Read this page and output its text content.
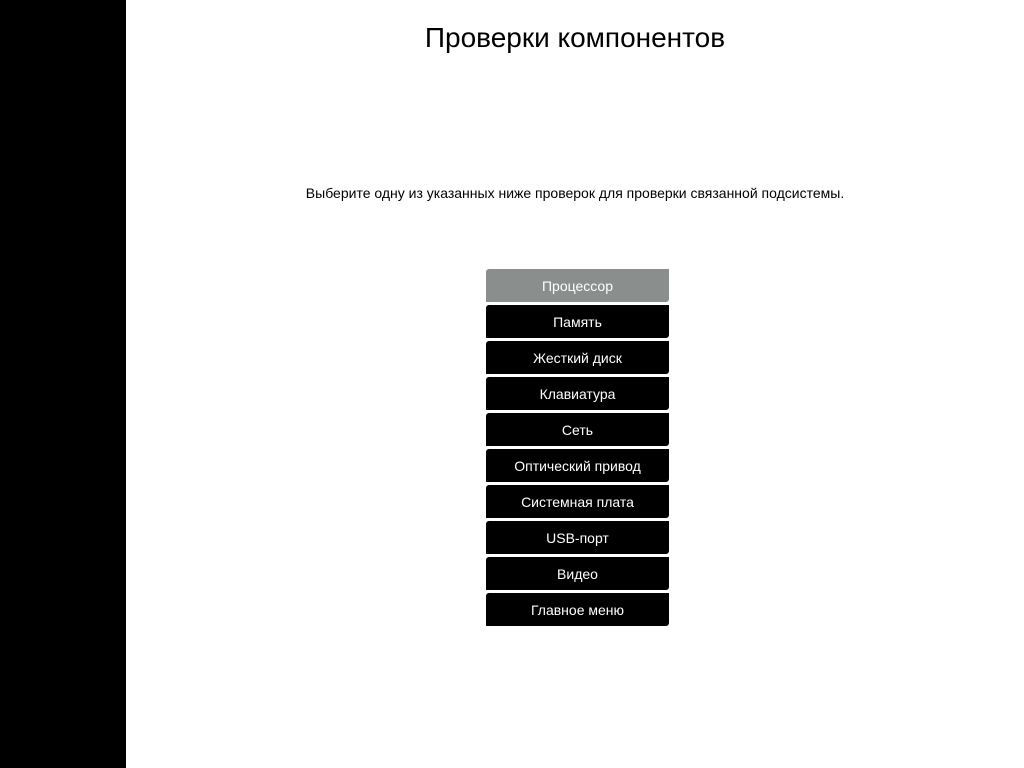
Проверки компонентов

Выберите одну из указанных ниже проверок для проверки связанной подсистемы.

Процессор
Память
Жесткий диск
Клавиатура
Сеть
Оптический привод
Системная плата
USB-порт
Видео
Главное меню
